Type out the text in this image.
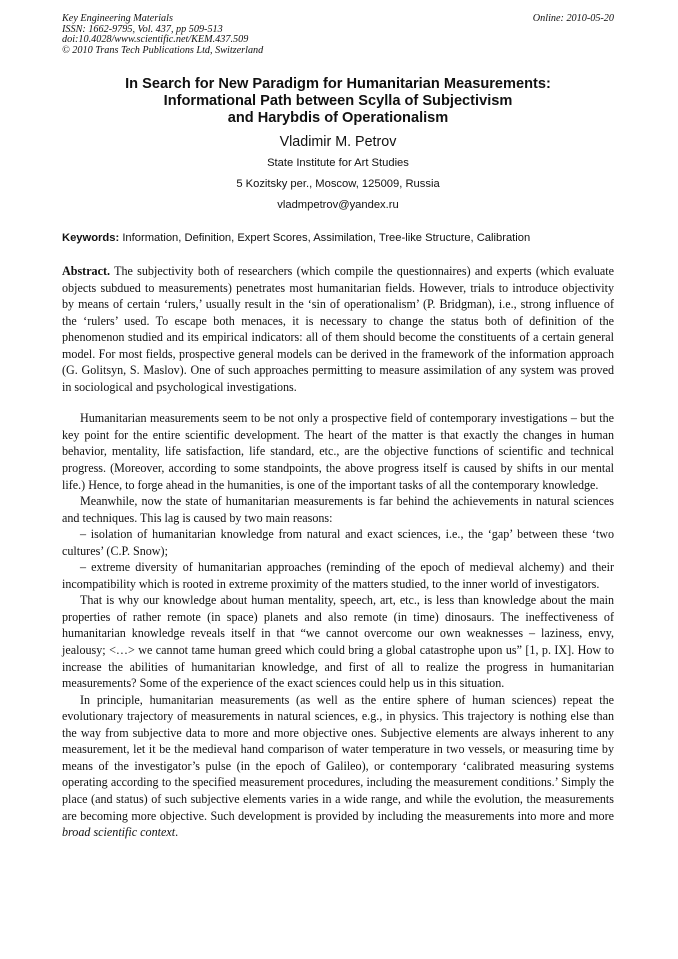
Key Engineering Materials
ISSN: 1662-9795, Vol. 437, pp 509-513
doi:10.4028/www.scientific.net/KEM.437.509
© 2010 Trans Tech Publications Ltd, Switzerland
Online: 2010-05-20
In Search for New Paradigm for Humanitarian Measurements:
Informational Path between Scylla of Subjectivism
and Harybdis of Operationalism
Vladimir M. Petrov
State Institute for Art Studies
5 Kozitsky per., Moscow, 125009, Russia
vladmpetrov@yandex.ru
Keywords: Information, Definition, Expert Scores, Assimilation, Tree-like Structure, Calibration
Abstract. The subjectivity both of researchers (which compile the questionnaires) and experts (which evaluate objects subdued to measurements) penetrates most humanitarian fields. However, trials to introduce objectivity by means of certain ‘rulers,’ usually result in the ‘sin of operationalism’ (P. Bridgman), i.e., strong influence of the ‘rulers’ used. To escape both menaces, it is necessary to change the status both of definition of the phenomenon studied and its empirical indicators: all of them should become the constituents of a certain general model. For most fields, prospective general models can be derived in the framework of the information approach (G. Golitsyn, S. Maslov). One of such approaches permitting to measure assimilation of any system was proved in sociological and psychological investigations.

Humanitarian measurements seem to be not only a prospective field of contemporary investigations – but the key point for the entire scientific development. The heart of the matter is that exactly the changes in human behavior, mentality, life satisfaction, life standard, etc., are the objective functions of scientific and technical progress. (Moreover, according to some standpoints, the above progress itself is caused by shifts in our mental life.) Hence, to forge ahead in the humanities, is one of the important tasks of all the contemporary knowledge.

Meanwhile, now the state of humanitarian measurements is far behind the achievements in natural sciences and techniques. This lag is caused by two main reasons:

– isolation of humanitarian knowledge from natural and exact sciences, i.e., the ‘gap’ between these ‘two cultures’ (C.P. Snow);

– extreme diversity of humanitarian approaches (reminding of the epoch of medieval alchemy) and their incompatibility which is rooted in extreme proximity of the matters studied, to the inner world of investigators.

That is why our knowledge about human mentality, speech, art, etc., is less than knowledge about the main properties of rather remote (in space) planets and also remote (in time) dinosaurs. The ineffectiveness of humanitarian knowledge reveals itself in that “we cannot overcome our own weaknesses – laziness, envy, jealousy; <…> we cannot tame human greed which could bring a global catastrophe upon us” [1, p. IX]. How to increase the abilities of humanitarian knowledge, and first of all to realize the progress in humanitarian measurements? Some of the experience of the exact sciences could help us in this situation.

In principle, humanitarian measurements (as well as the entire sphere of human sciences) repeat the evolutionary trajectory of measurements in natural sciences, e.g., in physics. This trajectory is nothing else than the way from subjective data to more and more objective ones. Subjective elements are always inherent to any measurement, let it be the medieval hand comparison of water temperature in two vessels, or measuring time by means of the investigator’s pulse (in the epoch of Galileo), or contemporary ‘calibrated measuring systems operating according to the specified measurement procedures, including the measurement conditions.’ Simply the place (and status) of such subjective elements varies in a wide range, and while the evolution, the measurements are becoming more objective. Such development is provided by including the measurements into more and more broad scientific context.
